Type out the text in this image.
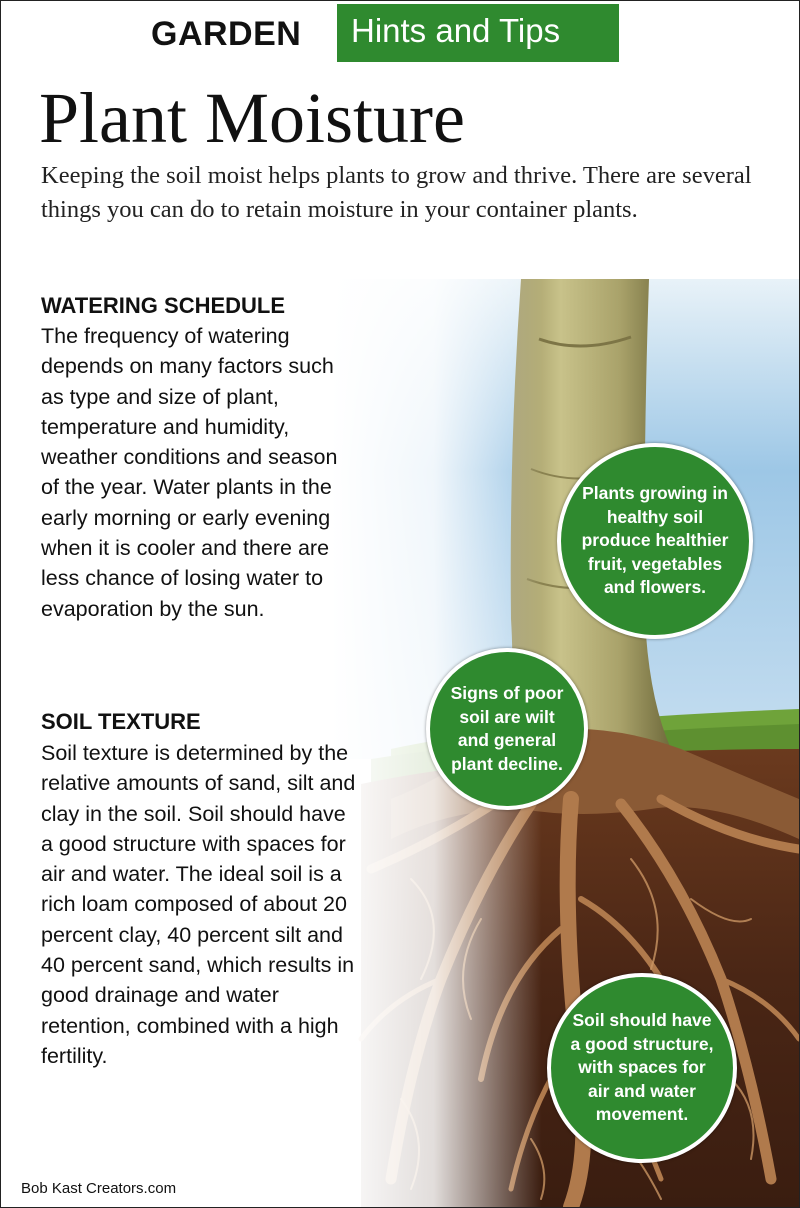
GARDEN Hints and Tips
Plant Moisture
Keeping the soil moist helps plants to grow and thrive. There are several things you can do to retain moisture in your container plants.
WATERING SCHEDULE
The frequency of watering depends on many factors such as type and size of plant, temperature and humidity, weather conditions and season of the year. Water plants in the early morning or early evening when it is cooler and there are less chance of losing water to evaporation by the sun.
SOIL TEXTURE
Soil texture is determined by the relative amounts of sand, silt and clay in the soil. Soil should have a good structure with spaces for air and water. The ideal soil is a rich loam composed of about 20 percent clay, 40 percent silt and 40 percent sand, which results in good drainage and water retention, combined with a high fertility.
Plants growing in healthy soil produce healthier fruit, vegetables and flowers.
Signs of poor soil are wilt and general plant decline.
Soil should have a good structure, with spaces for air and water movement.
Bob Kast Creators.com
